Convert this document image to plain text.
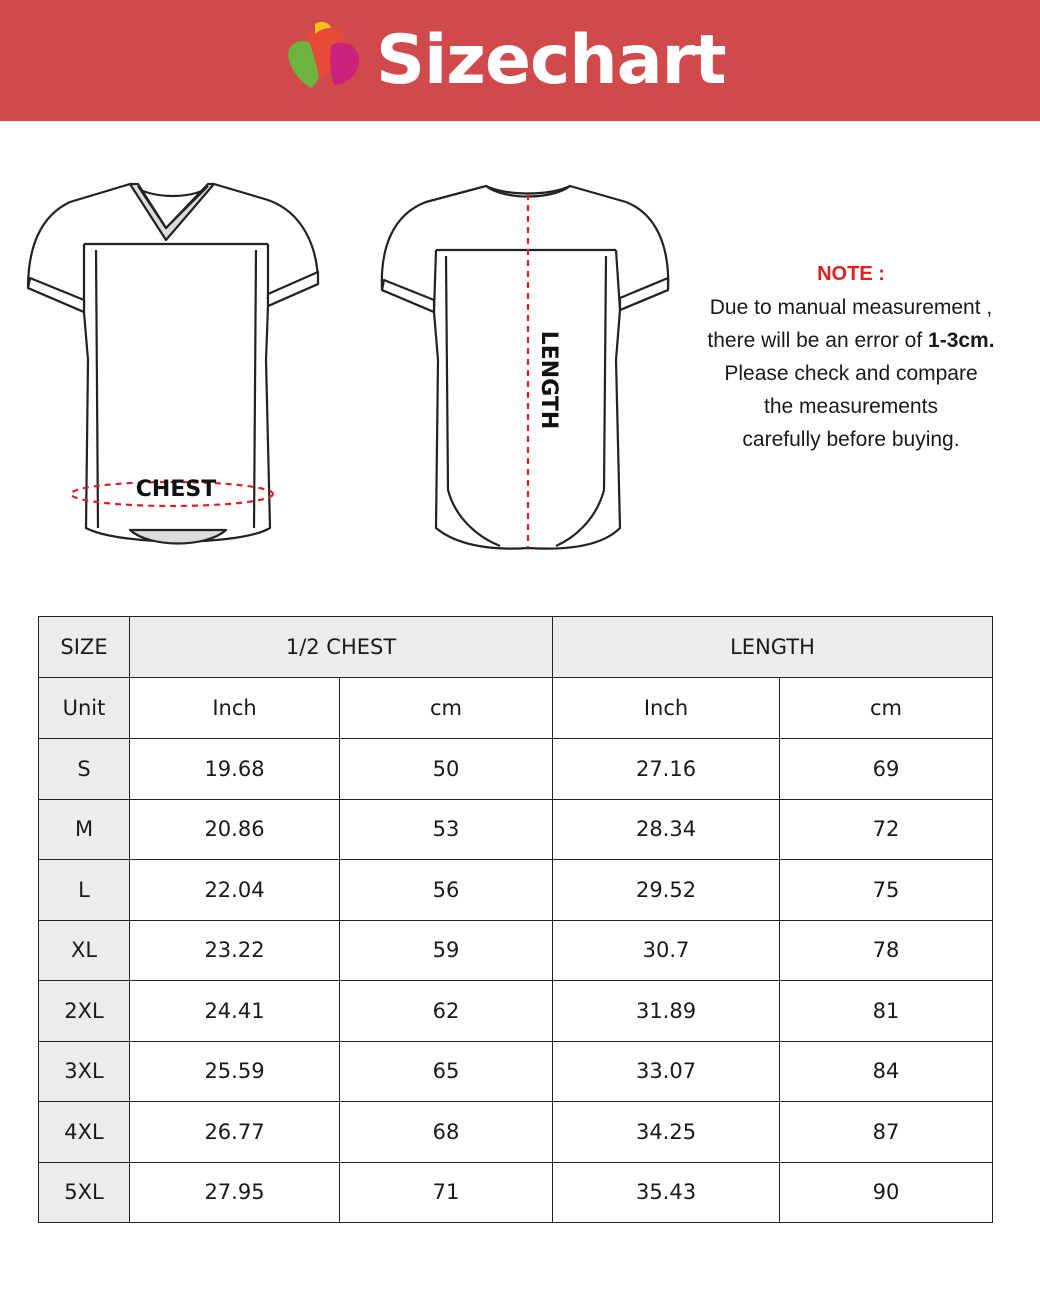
Sizechart
CHEST
LENGTH
NOTE :
Due to manual measurement ,
there will be an error of 1-3cm.
Please check and compare
the measurements
carefully before buying.
SIZE	1/2 CHEST		LENGTH	
Unit	Inch	cm	Inch	cm
S	19.68	50	27.16	69
M	20.86	53	28.34	72
L	22.04	56	29.52	75
XL	23.22	59	30.7	78
2XL	24.41	62	31.89	81
3XL	25.59	65	33.07	84
4XL	26.77	68	34.25	87
5XL	27.95	71	35.43	90
